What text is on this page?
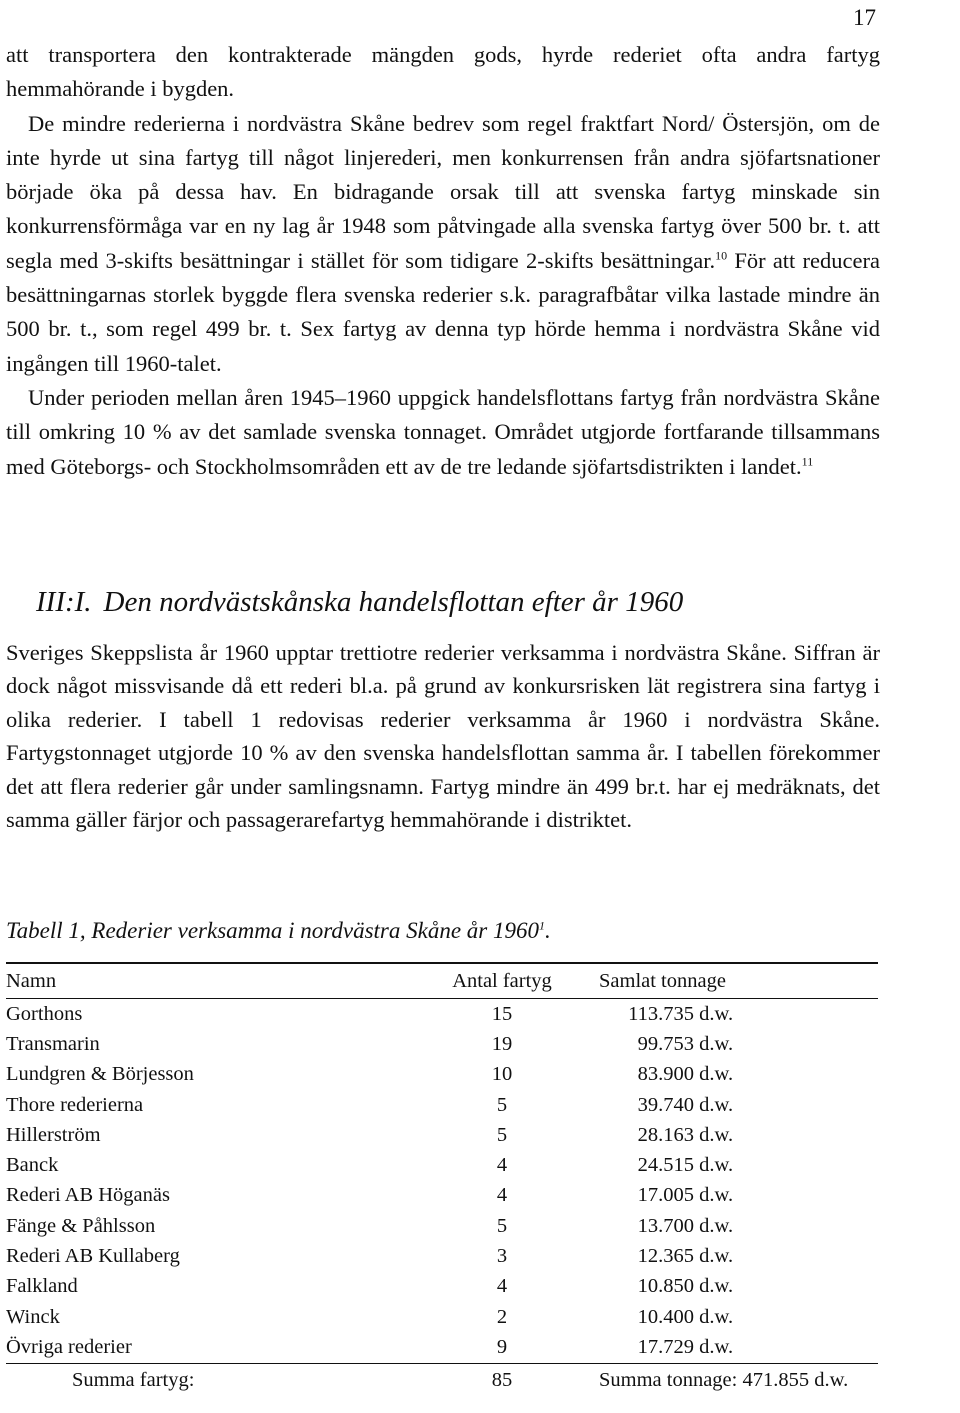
17

att transportera den kontrakterade mängden gods, hyrde rederiet ofta andra fartyg hemmahörande i bygden.

De mindre rederierna i nordvästra Skåne bedrev som regel fraktfart Nord/ Östersjön, om de inte hyrde ut sina fartyg till något linjerederi, men konkurrensen från andra sjöfartsnationer började öka på dessa hav. En bidragande orsak till att svenska fartyg minskade sin konkurrensförmåga var en ny lag år 1948 som påtvingade alla svenska fartyg över 500 br. t. att segla med 3-skifts besättningar i stället för som tidigare 2-skifts besättningar.$^{10}$ För att reducera besättningarnas storlek byggde flera svenska rederier s.k. paragrafbåtar vilka lastade mindre än 500 br. t., som regel 499 br. t. Sex fartyg av denna typ hörde hemma i nordvästra Skåne vid ingången till 1960-talet.

Under perioden mellan åren 1945–1960 uppgick handelsflottans fartyg från nordvästra Skåne till omkring 10 % av det samlade svenska tonnaget. Området utgjorde fortfarande tillsammans med Göteborgs- och Stockholmsområden ett av de tre ledande sjöfartsdistrikten i landet.$^{11}$

III:I. Den nordvästskånska handelsflottan efter år 1960

Sveriges Skeppslista år 1960 upptar trettiotre rederier verksamma i nordvästra Skåne. Siffran är dock något missvisande då ett rederi bl.a. på grund av konkursrisken lät registrera sina fartyg i olika rederier. I tabell 1 redovisas rederier verksamma år 1960 i nordvästra Skåne. Fartygstonnaget utgjorde 10 % av den svenska handelsflottan samma år. I tabellen förekommer det att flera rederier går under samlingsnamn. Fartyg mindre än 499 br.t. har ej medräknats, det samma gäller färjor och passagerarefartyg hemmahörande i distriktet.

Tabell 1, Rederier verksamma i nordvästra Skåne år 1960$^1$.
Namn	Antal fartyg	Samlat tonnage
Gorthons	15	113.735 d.w.
Transmarin	19	99.753 d.w.
Lundgren & Börjesson	10	83.900 d.w.
Thore rederierna	5	39.740 d.w.
Hillerström	5	28.163 d.w.
Banck	4	24.515 d.w.
Rederi AB Höganäs	4	17.005 d.w.
Fänge & Påhlsson	5	13.700 d.w.
Rederi AB Kullaberg	3	12.365 d.w.
Falkland	4	10.850 d.w.
Winck	2	10.400 d.w.
Övriga rederier	9	17.729 d.w.
Summa fartyg:	85	Summa tonnage: 471.855 d.w.
